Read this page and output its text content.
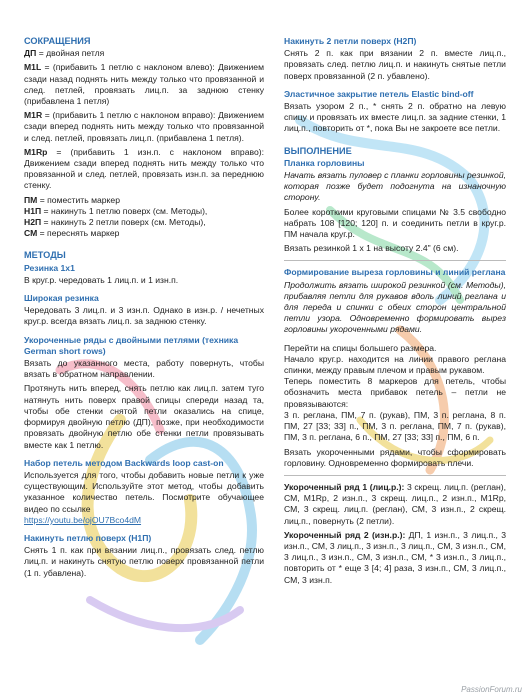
СОКРАЩЕНИЯ
ДП = двойная петля
M1L = (прибавить 1 петлю с наклоном влево): Движением сзади назад поднять нить между только что провязанной и след. петлей, провязать лиц.п. за заднюю стенку (прибавлена 1 петля)
M1R = (прибавить 1 петлю с наклоном вправо): Движением сзади вперед поднять нить между только что провязанной и след. петлей, провязать лиц.п. (прибавлена 1 петля).
M1Rp = (прибавить 1 изн.п. с наклоном вправо): Движением сзади вперед поднять нить между только что провязанной и след. петлей, провязать изн.п. за переднюю стенку.
ПМ = поместить маркер
Н1П = накинуть 1 петлю поверх (см. Методы),
Н2П = накинуть 2 петли поверх (см. Методы),
СМ = переснять маркер
МЕТОДЫ
Резинка 1х1
В круг.р. чередовать 1 лиц.п. и 1 изн.п.
Широкая резинка
Чередовать 3 лиц.п. и 3 изн.п. Однако в изн.р. / нечетных круг.р. всегда вязать лиц.п. за заднюю стенку.
Укороченные ряды с двойными петлями (техника German short rows)
Вязать до указанного места, работу повернуть, чтобы вязать в обратном направлении.
Протянуть нить вперед, снять петлю как лиц.п. затем туго натянуть нить поверх правой спицы спереди назад та, чтобы обе стенки снятой петли оказались на спице, формируя двойную петлю (ДП), позже, при необходимости провязать двойную петлю обе стенки петли провязывать вместе как 1 петлю.
Набор петель методом Backwards loop cast-on
Используется для того, чтобы добавить новые петли к уже существующим. Используйте этот метод, чтобы добавить указанное количество петель. Посмотрите обучающее видео по ссылке
https://youtu.be/ojOU7Bco4dM
Накинуть петлю поверх (Н1П)
Снять 1 п. как при вязании лиц.п., провязать след. петлю лиц.п. и накинуть снятую петлю поверх провязанной петли (1 п. убавлена).
Накинуть 2 петли поверх (Н2П)
Снять 2 п. как при вязании 2 п. вместе лиц.п., провязать след. петлю лиц.п. и накинуть снятые петли поверх провязанной (2 п. убавлено).
Эластичное закрытие петель Elastic bind-off
Вязать узором 2 п., * снять 2 п. обратно на левую спицу и провязать их вместе лиц.п. за задние стенки, 1 лиц.п., повторить от *, пока Вы не закроете все петли.
ВЫПОЛНЕНИЕ
Планка горловины
Начать вязать пуловер с планки горловины резинкой, которая позже будет подогнута на изнаночную сторону.
Более короткими круговыми спицами № 3.5 свободно набрать 108 [120; 120] п. и соединить петли в круг.р. ПМ начала круг.р.
Вязать резинкой 1 х 1 на высоту 2.4" (6 см).
Формирование выреза горловины и линий реглана
Продолжить вязать широкой резинкой (см. Методы), прибавляя петли для рукавов вдоль линий реглана и для переда и спинки с обеих сторон центральной петли узора. Одновременно формировать вырез горловины укороченными рядами.
Перейти на спицы большего размера.
Начало круг.р. находится на линии правого реглана спинки, между правым плечом и правым рукавом.
Теперь поместить 8 маркеров для петель, чтобы обозначить места прибавок петель – петли не провязываются:
3 п. реглана, ПМ, 7 п. (рукав), ПМ, 3 п. реглана, 8 п. ПМ, 27 [33; 33] п., ПМ, 3 п. реглана, ПМ, 7 п. (рукав), ПМ, 3 п. реглана, 6 п., ПМ, 27 [33; 33] п., ПМ, 6 п.
Вязать укороченными рядами, чтобы сформировать горловину. Одновременно формировать плечи.
Укороченный ряд 1 (лиц.р.): 3 скрещ. лиц.п. (реглан), СМ, M1Rp, 2 изн.п., 3 скрещ. лиц.п., 2 изн.п., M1Rp, СМ, 3 скрещ. лиц.п. (реглан), СМ, 3 изн.п., 2 скрещ. лиц.п., повернуть (2 петли).
Укороченный ряд 2 (изн.р.): ДП, 1 изн.п., 3 лиц.п., 3 изн.п., СМ, 3 лиц.п., 3 изн.п., 3 лиц.п., СМ, 3 изн.п., СМ, 3 лиц.п., 3 изн.п., СМ, 3 изн.п., СМ, * 3 изн.п., 3 лиц.п., повторить от * еще 3 [4; 4] раза, 3 изн.п., СМ, 3 лиц.п., СМ, 3 изн.п.
PassionForum.ru
